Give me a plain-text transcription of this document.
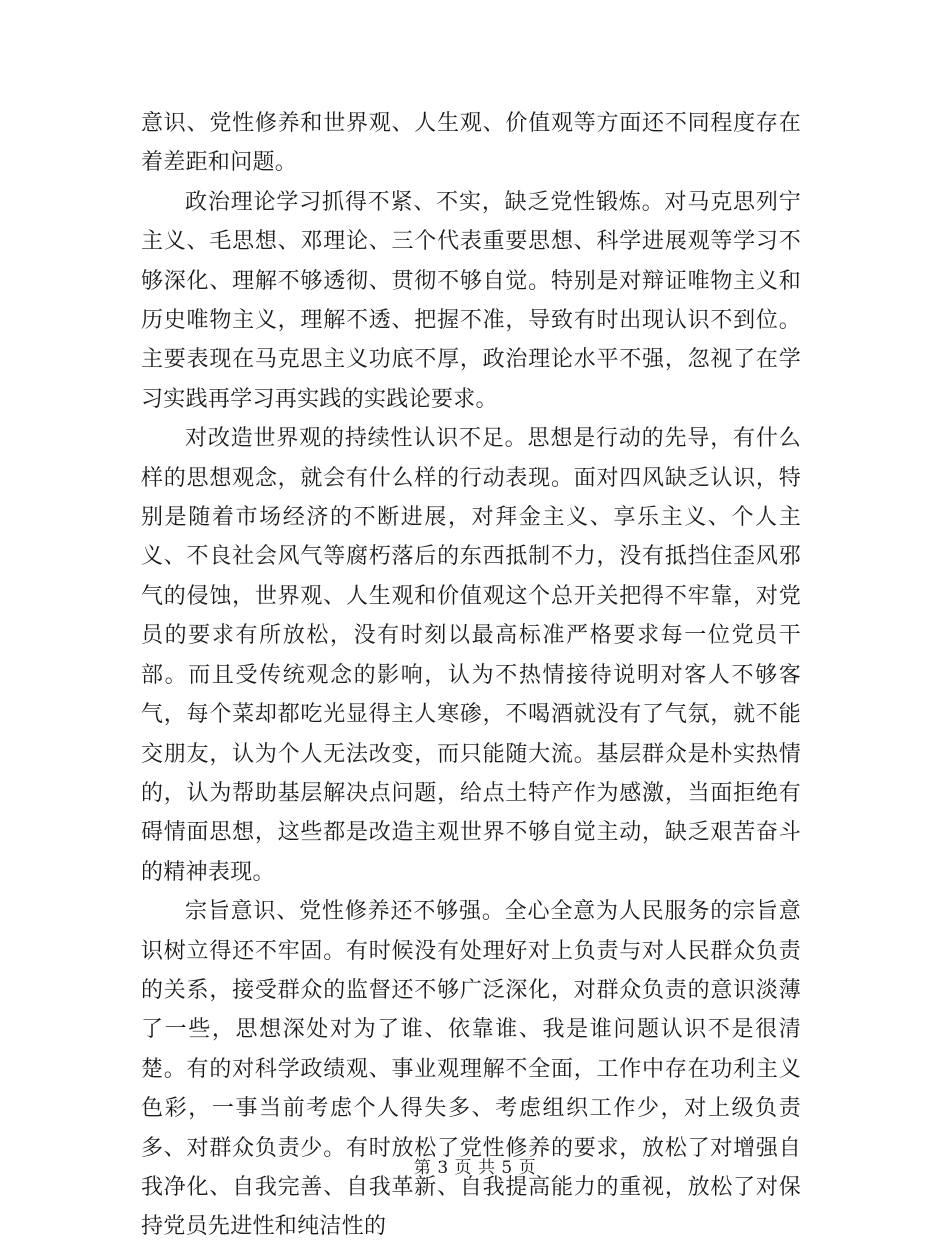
意识、党性修养和世界观、人生观、价值观等方面还不同程度存在着差距和问题。

政治理论学习抓得不紧、不实，缺乏党性锻炼。对马克思列宁主义、毛思想、邓理论、三个代表重要思想、科学进展观等学习不够深化、理解不够透彻、贯彻不够自觉。特别是对辩证唯物主义和历史唯物主义，理解不透、把握不准，导致有时出现认识不到位。主要表现在马克思主义功底不厚，政治理论水平不强，忽视了在学习实践再学习再实践的实践论要求。

对改造世界观的持续性认识不足。思想是行动的先导，有什么样的思想观念，就会有什么样的行动表现。面对四风缺乏认识，特别是随着市场经济的不断进展，对拜金主义、享乐主义、个人主义、不良社会风气等腐朽落后的东西抵制不力，没有抵挡住歪风邪气的侵蚀，世界观、人生观和价值观这个总开关把得不牢靠，对党员的要求有所放松，没有时刻以最高标准严格要求每一位党员干部。而且受传统观念的影响，认为不热情接待说明对客人不够客气，每个菜却都吃光显得主人寒碜，不喝酒就没有了气氛，就不能交朋友，认为个人无法改变，而只能随大流。基层群众是朴实热情的，认为帮助基层解决点问题，给点土特产作为感激，当面拒绝有碍情面思想，这些都是改造主观世界不够自觉主动，缺乏艰苦奋斗的精神表现。

宗旨意识、党性修养还不够强。全心全意为人民服务的宗旨意识树立得还不牢固。有时候没有处理好对上负责与对人民群众负责的关系，接受群众的监督还不够广泛深化，对群众负责的意识淡薄了一些，思想深处对为了谁、依靠谁、我是谁问题认识不是很清楚。有的对科学政绩观、事业观理解不全面，工作中存在功利主义色彩，一事当前考虑个人得失多、考虑组织工作少，对上级负责多、对群众负责少。有时放松了党性修养的要求，放松了对增强自我净化、自我完善、自我革新、自我提高能力的重视，放松了对保持党员先进性和纯洁性的

第 3 页 共 5 页
